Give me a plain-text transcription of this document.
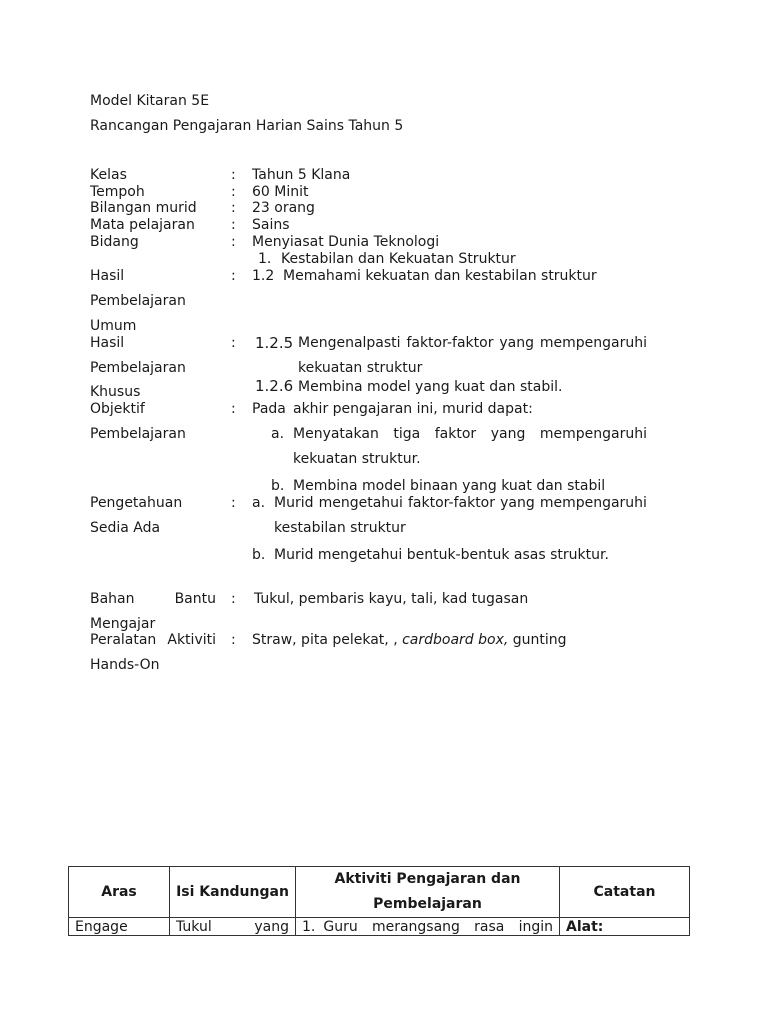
Model Kitaran 5E
Rancangan Pengajaran Harian Sains Tahun 5
Kelas	: Tahun 5 Klana
Tempoh	: 60 Minit
Bilangan murid : 23 orang
Mata pelajaran	: Sains
Bidang	: Menyiasat Dunia Teknologi
1. Kestabilan dan Kekuatan Struktur
Hasil
Pembelajaran
Umum
: 1.2 Memahami kekuatan dan kestabilan struktur
Hasil
Pembelajaran
Khusus
: 1.2.5 Mengenalpasti faktor-faktor yang mempengaruhi
kekuatan struktur
1.2.6 Membina model yang kuat dan stabil.
Objektif
Pembelajaran
: Pada akhir pengajaran ini, murid dapat:
a. Menyatakan tiga faktor yang mempengaruhi
kekuatan struktur.
b. Membina model binaan yang kuat dan stabil
Pengetahuan
Sedia Ada
: a. Murid mengetahui faktor-faktor yang mempengaruhi
kestabilan struktur
b. Murid mengetahui bentuk-bentuk asas struktur.
Bahan	Bantu
Mengajar
: Tukul, pembaris kayu, tali, kad tugasan
Peralatan Aktiviti
Hands-On
: Straw, pita pelekat, , cardboard box, gunting
Aras	Isi Kandungan	Aktiviti Pengajaran dan
Pembelajaran	Catatan
Engage	Tukul yang	1. Guru merangsang rasa ingin	Alat:
